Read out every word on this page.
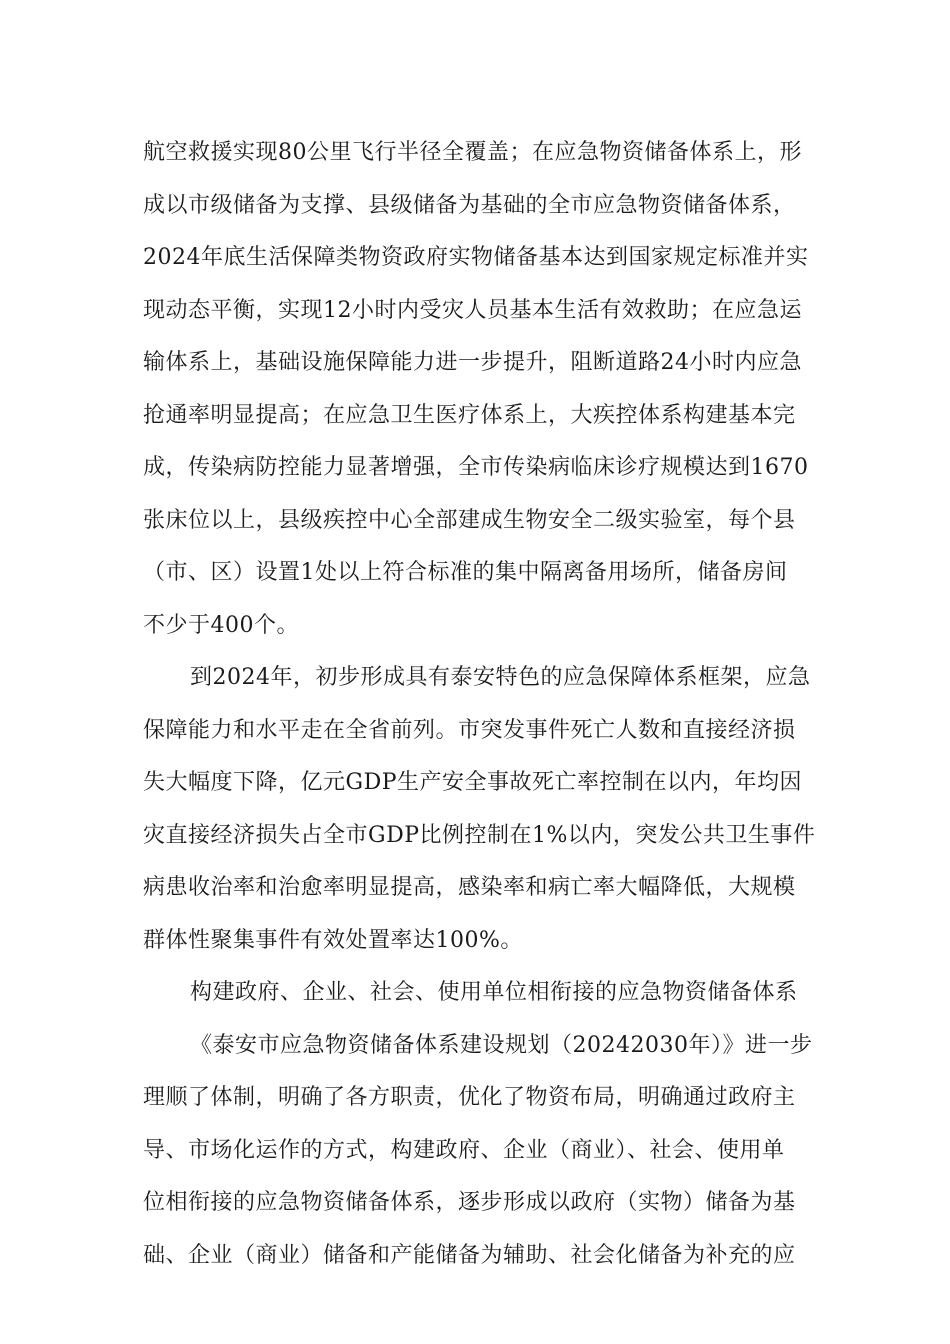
航空救援实现80公里飞行半径全覆盖；在应急物资储备体系上，形
成以市级储备为支撑、县级储备为基础的全市应急物资储备体系，
2024年底生活保障类物资政府实物储备基本达到国家规定标准并实
现动态平衡，实现12小时内受灾人员基本生活有效救助；在应急运
输体系上，基础设施保障能力进一步提升，阻断道路24小时内应急
抢通率明显提高；在应急卫生医疗体系上，大疾控体系构建基本完
成，传染病防控能力显著增强，全市传染病临床诊疗规模达到1670
张床位以上，县级疾控中心全部建成生物安全二级实验室，每个县
（市、区）设置1处以上符合标准的集中隔离备用场所，储备房间
不少于400个。
到2024年，初步形成具有泰安特色的应急保障体系框架，应急
保障能力和水平走在全省前列。市突发事件死亡人数和直接经济损
失大幅度下降，亿元GDP生产安全事故死亡率控制在以内，年均因
灾直接经济损失占全市GDP比例控制在1%以内，突发公共卫生事件
病患收治率和治愈率明显提高，感染率和病亡率大幅降低，大规模
群体性聚集事件有效处置率达100%。
构建政府、企业、社会、使用单位相衔接的应急物资储备体系
《泰安市应急物资储备体系建设规划（20242030年）》进一步
理顺了体制，明确了各方职责，优化了物资布局，明确通过政府主
导、市场化运作的方式，构建政府、企业（商业）、社会、使用单
位相衔接的应急物资储备体系，逐步形成以政府（实物）储备为基
础、企业（商业）储备和产能储备为辅助、社会化储备为补充的应
